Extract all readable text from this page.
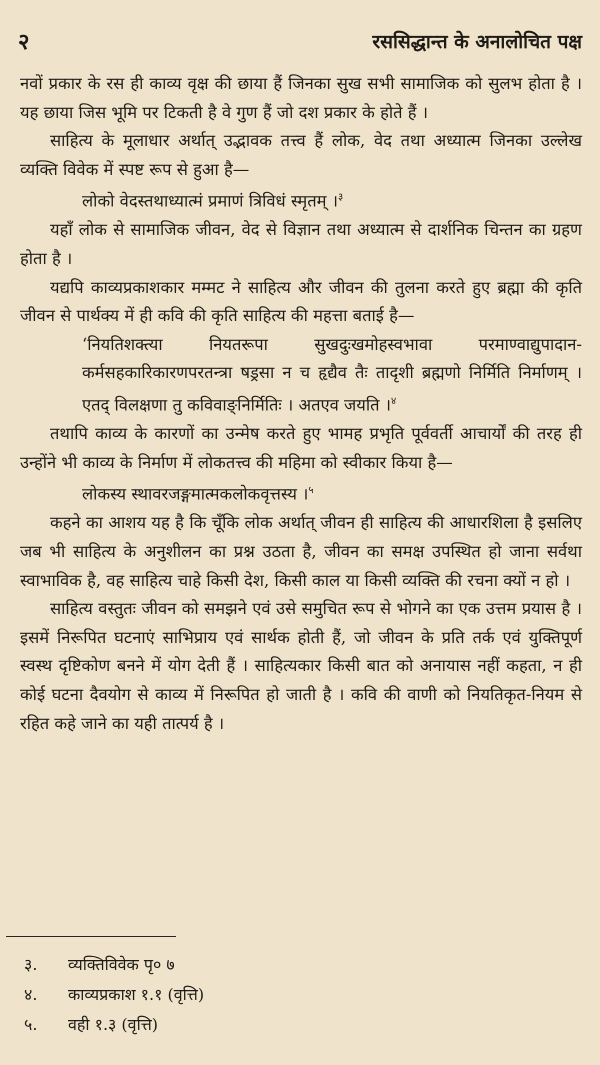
२	रससिद्धान्त के अनालोचित पक्ष

नवों प्रकार के रस ही काव्य वृक्ष की छाया हैं जिनका सुख सभी सामाजिक को सुलभ होता है । यह छाया जिस भूमि पर टिकती है वे गुण हैं जो दश प्रकार के होते हैं ।

साहित्य के मूलाधार अर्थात् उद्भावक तत्त्व हैं लोक, वेद तथा अध्यात्म जिनका उल्लेख व्यक्ति विवेक में स्पष्ट रूप से हुआ है—

लोको वेदस्तथाध्यात्मं प्रमाणं त्रिविधं स्मृतम् ।$^३$

यहाँ लोक से सामाजिक जीवन, वेद से विज्ञान तथा अध्यात्म से दार्शनिक चिन्तन का ग्रहण होता है ।

यद्यपि काव्यप्रकाशकार मम्मट ने साहित्य और जीवन की तुलना करते हुए ब्रह्मा की कृति जीवन से पार्थक्य में ही कवि की कृति साहित्य की महत्ता बताई है—

‘नियतिशक्त्या नियतरूपा सुखदुःखमोहस्वभावा परमाण्वाद्युपादान-कर्मसहकारिकारणपरतन्त्रा षड्रसा न च हृद्यैव तैः तादृशी ब्रह्मणो निर्मिति निर्माणम् । एतद् विलक्षणा तु कविवाङ्निर्मितिः । अतएव जयति ।$^४$

तथापि काव्य के कारणों का उन्मेष करते हुए भामह प्रभृति पूर्ववर्ती आचार्यों की तरह ही उन्होंने भी काव्य के निर्माण में लोकतत्त्व की महिमा को स्वीकार किया है—

लोकस्य स्थावरजङ्गमात्मकलोकवृत्तस्य ।$^५$

कहने का आशय यह है कि चूँकि लोक अर्थात् जीवन ही साहित्य की आधारशिला है इसलिए जब भी साहित्य के अनुशीलन का प्रश्न उठता है, जीवन का समक्ष उपस्थित हो जाना सर्वथा स्वाभाविक है, वह साहित्य चाहे किसी देश, किसी काल या किसी व्यक्ति की रचना क्यों न हो ।

साहित्य वस्तुतः जीवन को समझने एवं उसे समुचित रूप से भोगने का एक उत्तम प्रयास है । इसमें निरूपित घटनाएं साभिप्राय एवं सार्थक होती हैं, जो जीवन के प्रति तर्क एवं युक्तिपूर्ण स्वस्थ दृष्टिकोण बनने में योग देती हैं । साहित्यकार किसी बात को अनायास नहीं कहता, न ही कोई घटना दैवयोग से काव्य में निरूपित हो जाती है । कवि की वाणी को नियतिकृत-नियम से रहित कहे जाने का यही तात्पर्य है ।

३. व्यक्तिविवेक पृ० ७
४. काव्यप्रकाश १.१ (वृत्ति)
५. वही १.३ (वृत्ति)
